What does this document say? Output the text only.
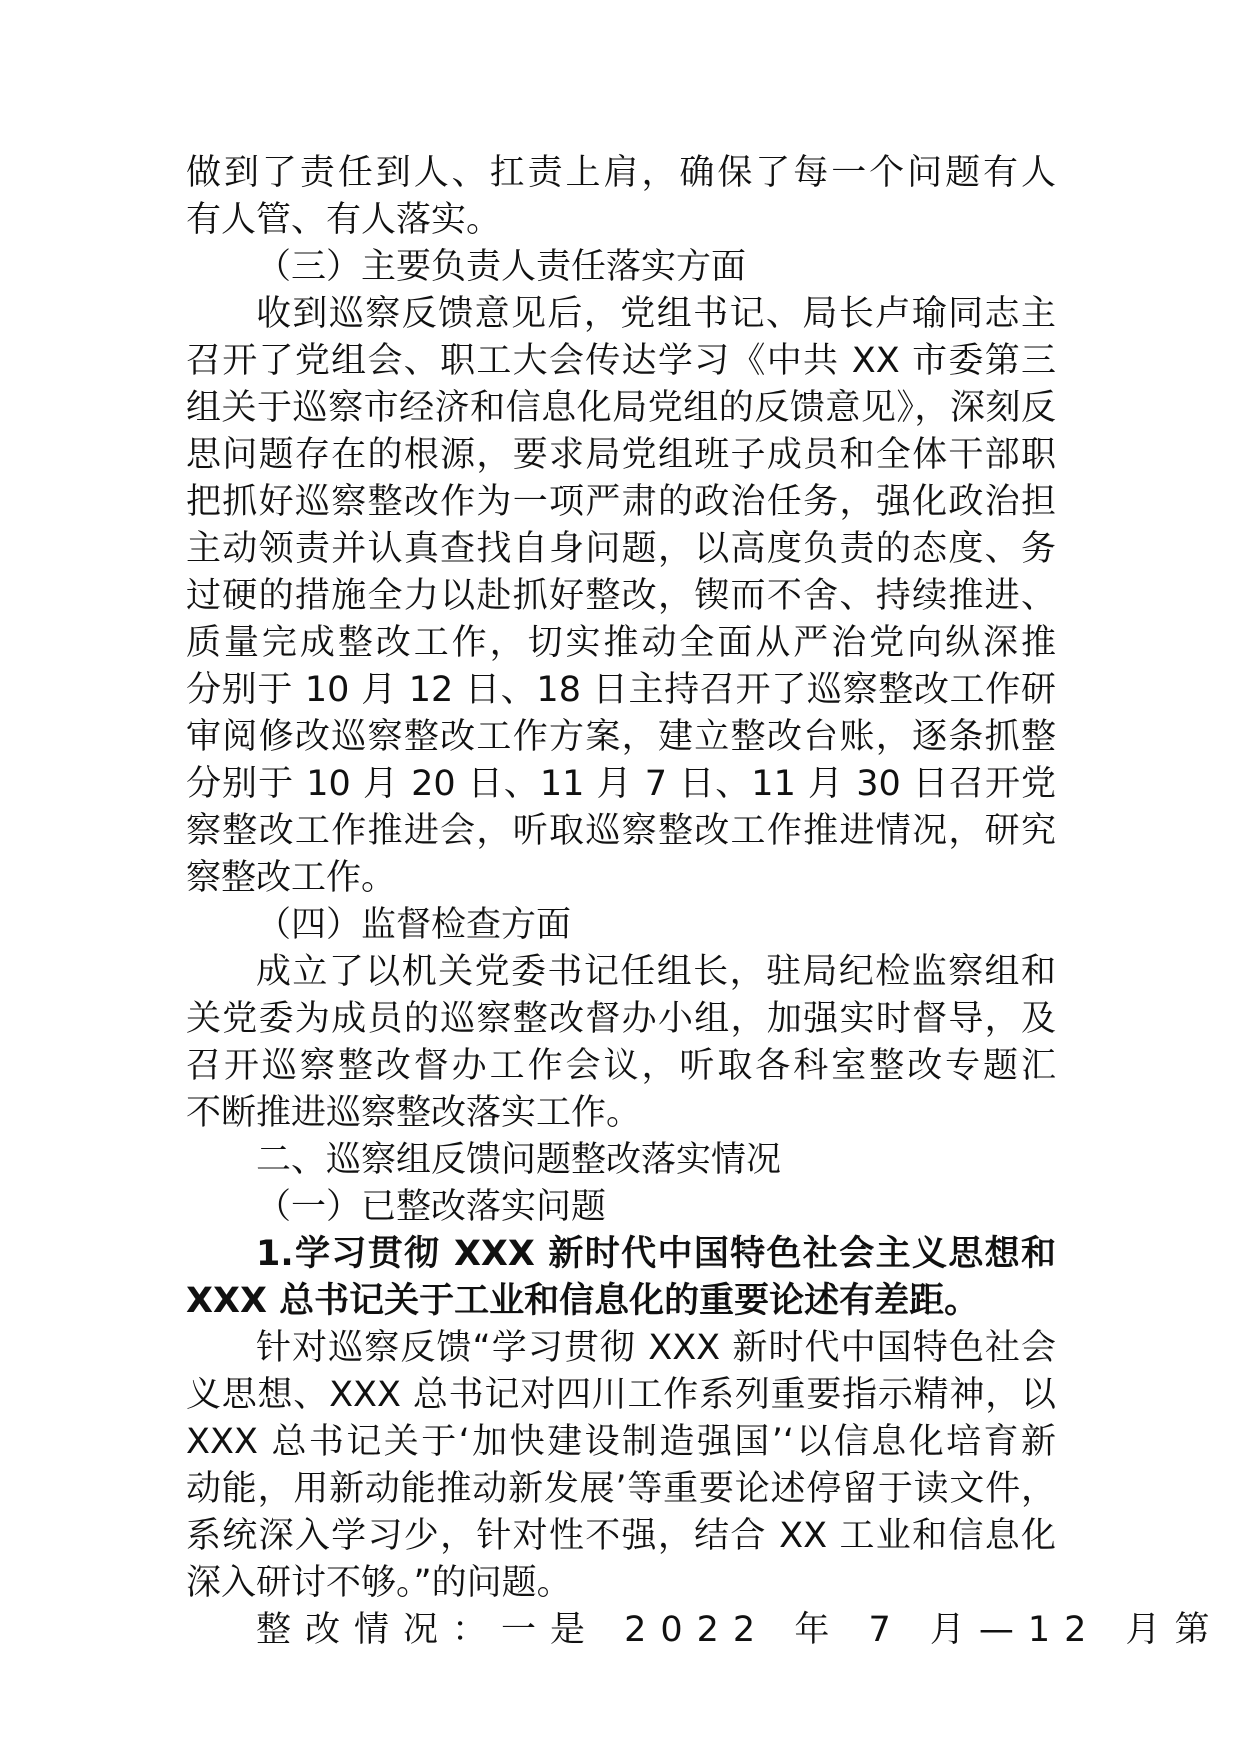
做到了责任到人、扛责上肩，确保了每一个问题有人

有人管、有人落实。

（三）主要负责人责任落实方面

收到巡察反馈意见后，党组书记、局长卢瑜同志主

召开了党组会、职工大会传达学习《中共 XX 市委第三

组关于巡察市经济和信息化局党组的反馈意见》，深刻反

思问题存在的根源，要求局党组班子成员和全体干部职

把抓好巡察整改作为一项严肃的政治任务，强化政治担

主动领责并认真查找自身问题，以高度负责的态度、务

过硬的措施全力以赴抓好整改，锲而不舍、持续推进、

质量完成整改工作，切实推动全面从严治党向纵深推

分别于 10 月 12 日、18 日主持召开了巡察整改工作研

审阅修改巡察整改工作方案，建立整改台账，逐条抓整

分别于 10 月 20 日、11 月 7 日、11 月 30 日召开党

察整改工作推进会，听取巡察整改工作推进情况，研究

察整改工作。

（四）监督检查方面

成立了以机关党委书记任组长，驻局纪检监察组和

关党委为成员的巡察整改督办小组，加强实时督导，及

召开巡察整改督办工作会议，听取各科室整改专题汇

不断推进巡察整改落实工作。

二、巡察组反馈问题整改落实情况

（一）已整改落实问题

1.学习贯彻 XXX 新时代中国特色社会主义思想和

XXX 总书记关于工业和信息化的重要论述有差距。

针对巡察反馈“学习贯彻 XXX 新时代中国特色社会

义思想、XXX 总书记对四川工作系列重要指示精神，以

XXX 总书记关于‘加快建设制造强国’‘以信息化培育新

动能，用新动能推动新发展’等重要论述停留于读文件，

系统深入学习少，针对性不强，结合 XX 工业和信息化

深入研讨不够。”的问题。

整改情况：一是 2022 年 7 月—12 月第
